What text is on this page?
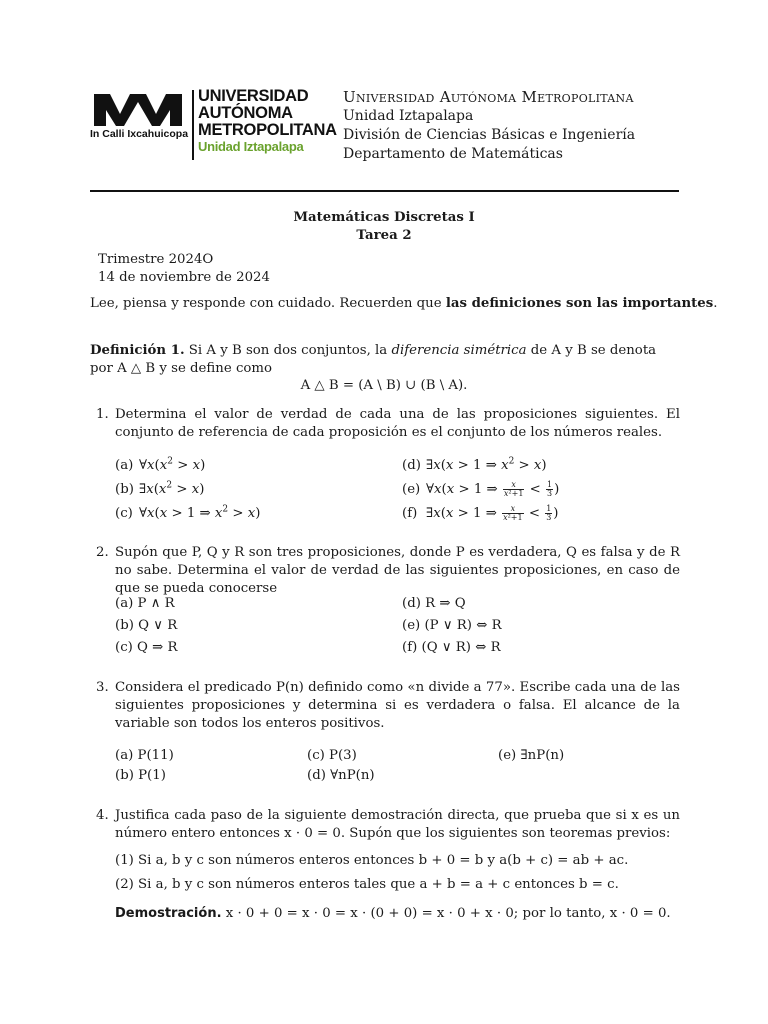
UNIVERSIDAD
AUTÓNOMA
METROPOLITANA
Unidad Iztapalapa
In Calli Ixcahuicopa
Universidad Autónoma Metropolitana
Unidad Iztapalapa
División de Ciencias Básicas e Ingeniería
Departamento de Matemáticas
Matemáticas Discretas I
Tarea 2
Trimestre 2024O
14 de noviembre de 2024
Lee, piensa y responde con cuidado. Recuerden que las definiciones son las importantes.
Definición 1. Si A y B son dos conjuntos, la diferencia simétrica de A y B se denota por A △ B y se define como
A △ B = (A \ B) ∪ (B \ A).
1. Determina el valor de verdad de cada una de las proposiciones siguientes. El conjunto de referencia de cada proposición es el conjunto de los números reales.
(a) $\forall x(x^2 > x)$
(b) $\exists x(x^2 > x)$
(c) ∀x(x > 1 ⇒ $x^2 > x$)
(d) ∃x(x > 1 ⇒ $x^2 > x$)
(e) ∀x(x > 1 ⇒ $\frac{x}{\text{x²+1}} < \frac{1}{3}$ )
(f) ∃x(x > 1 ⇒ $\frac{x}{\text{x²+1}} < \frac{1}{3}$ )
2. Supón que P, Q y R son tres proposiciones, donde P es verdadera, Q es falsa y de R no sabe. Determina el valor de verdad de las siguientes proposiciones, en caso de que se pueda conocerse
(a) P ∧ R
(b) Q ∨ R
(c) Q ⇒ R
(d) R ⇒ Q
(e) (P ∨ R) ⇔ R
(f) (Q ∨ R) ⇔ R
3. Considera el predicado P(n) definido como «n divide a 77». Escribe cada una de las siguientes proposiciones y determina si es verdadera o falsa. El alcance de la variable son todos los enteros positivos.
(a) P(11)
(b) P(1)
(c) P(3)
(d) ∀nP(n)
(e) ∃nP(n)
4. Justifica cada paso de la siguiente demostración directa, que prueba que si x es un número entero entonces x · 0 = 0. Supón que los siguientes son teoremas previos:
(1) Si a, b y c son números enteros entonces b + 0 = b y a(b + c) = ab + ac.
(2) Si a, b y c son números enteros tales que a + b = a + c entonces b = c.
Demostración. x · 0 + 0 = x · 0 = x · (0 + 0) = x · 0 + x · 0; por lo tanto, x · 0 = 0.
